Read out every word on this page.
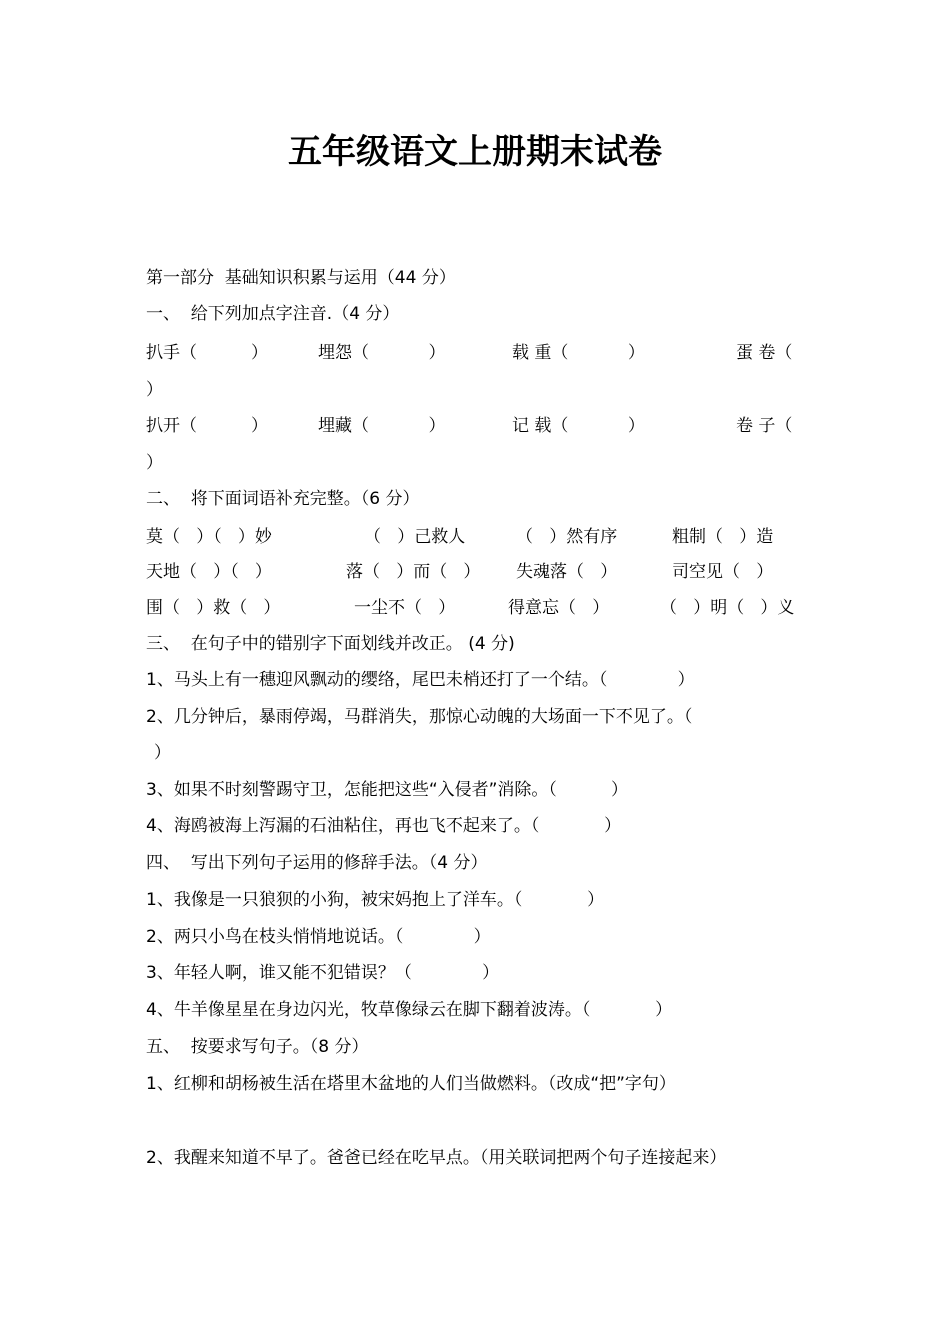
五年级语文上册期末试卷
第一部分  基础知识积累与运用（44 分）
一、  给下列加点字注音.（4 分）
扒手（          ）	埋怨（           ）	载 重（           ）	蛋 卷（
）
扒开（          ）	埋藏（           ）	记 载（           ）	卷 子（
）
二、  将下面词语补充完整。（6 分）
莫（   ）（   ）妙	（   ）己救人	（   ）然有序	粗制（   ）造
天地（   ）（   ）	落（   ）而（   ） 失魂落（   ）	司空见（   ）
围（   ）救（   ）	一尘不（   ）	得意忘（   ）	（   ）明（   ）义
三、  在句子中的错别字下面划线并改正。 (4 分)
1、马头上有一穗迎风飘动的缨络，尾巴未梢还打了一个结。（             ）
2、几分钟后，暴雨停竭，马群消失，那惊心动魄的大场面一下不见了。（
）
3、如果不时刻警踢守卫，怎能把这些“入侵者”消除。（          ）
4、海鸥被海上泻漏的石油粘住，再也飞不起来了。（            ）
四、  写出下列句子运用的修辞手法。（4 分）
1、我像是一只狼狈的小狗，被宋妈抱上了洋车。（            ）
2、两只小鸟在枝头悄悄地说话。（             ）
3、年轻人啊，谁又能不犯错误？（             ）
4、牛羊像星星在身边闪光，牧草像绿云在脚下翻着波涛。（            ）
五、  按要求写句子。（8 分）
1、红柳和胡杨被生活在塔里木盆地的人们当做燃料。（改成“把”字句）
2、我醒来知道不早了。爸爸已经在吃早点。（用关联词把两个句子连接起来）
